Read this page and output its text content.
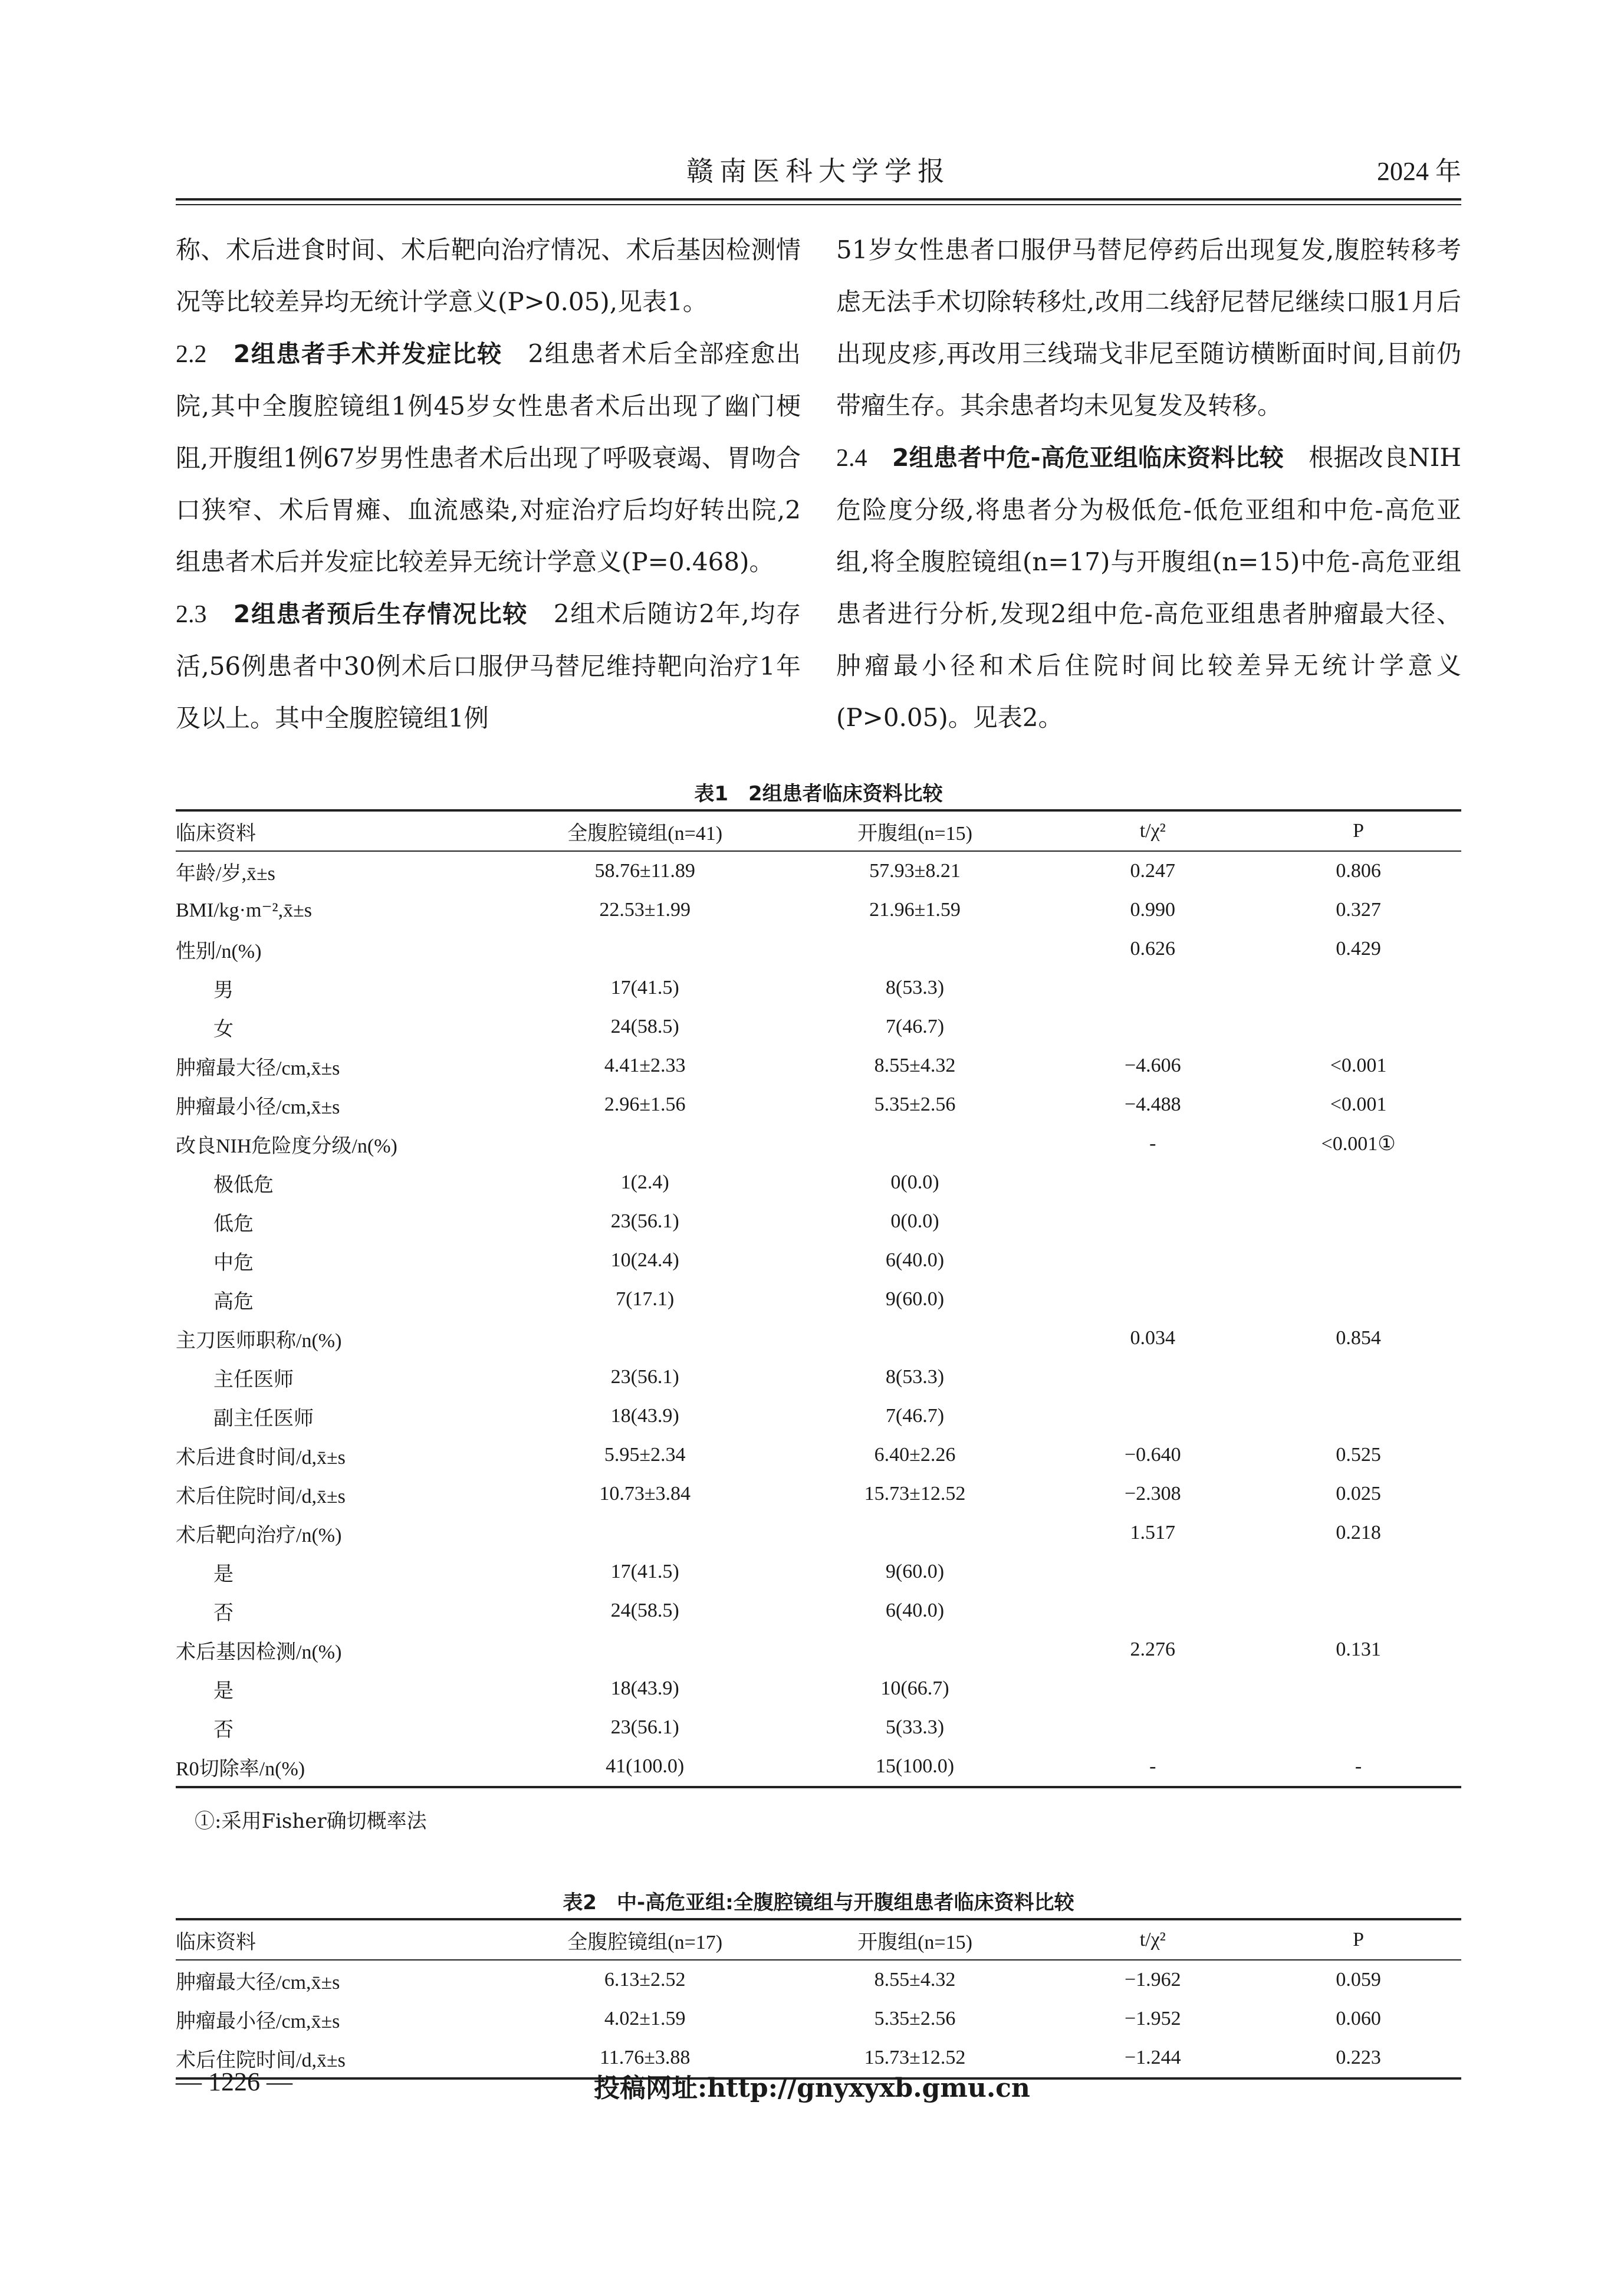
赣南医科大学学报	2024 年

称、术后进食时间、术后靶向治疗情况、术后基因检测情况等比较差异均无统计学意义(P>0.05),见表1。

2.2　 2组患者手术并发症比较　 2组患者术后全部痊愈出院,其中全腹腔镜组1例45岁女性患者术后出现了幽门梗阻,开腹组1例67岁男性患者术后出现了呼吸衰竭、胃吻合口狭窄、术后胃瘫、血流感染,对症治疗后均好转出院,2组患者术后并发症比较差异无统计学意义(P=0.468)。

2.3　 2组患者预后生存情况比较　 2组术后随访2年,均存活,56例患者中30例术后口服伊马替尼维持靶向治疗1年及以上。其中全腹腔镜组1例

51岁女性患者口服伊马替尼停药后出现复发,腹腔转移考虑无法手术切除转移灶,改用二线舒尼替尼继续口服1月后出现皮疹,再改用三线瑞戈非尼至随访横断面时间,目前仍带瘤生存。其余患者均未见复发及转移。

2.4　 2组患者中危-高危亚组临床资料比较　 根据改良NIH危险度分级,将患者分为极低危-低危亚组和中危-高危亚组,将全腹腔镜组(n=17)与开腹组(n=15)中危-高危亚组患者进行分析,发现2组中危-高危亚组患者肿瘤最大径、肿瘤最小径和术后住院时间比较差异无统计学意义(P>0.05)。见表2。

表1　2组患者临床资料比较
临床资料	全腹腔镜组(n=41)	开腹组(n=15)	t/χ²	P
年龄/岁,x̄±s	58.76±11.89	57.93±8.21	0.247	0.806
BMI/kg·m⁻²,x̄±s	22.53±1.99	21.96±1.59	0.990	0.327
性别/n(%)			0.626	0.429
男	17(41.5)	8(53.3)		
女	24(58.5)	7(46.7)		
肿瘤最大径/cm,x̄±s	4.41±2.33	8.55±4.32	−4.606	<0.001
肿瘤最小径/cm,x̄±s	2.96±1.56	5.35±2.56	−4.488	<0.001
改良NIH危险度分级/n(%)			-	<0.001①
极低危	1(2.4)	0(0.0)		
低危	23(56.1)	0(0.0)		
中危	10(24.4)	6(40.0)		
高危	7(17.1)	9(60.0)		
主刀医师职称/n(%)			0.034	0.854
主任医师	23(56.1)	8(53.3)		
副主任医师	18(43.9)	7(46.7)		
术后进食时间/d,x̄±s	5.95±2.34	6.40±2.26	−0.640	0.525
术后住院时间/d,x̄±s	10.73±3.84	15.73±12.52	−2.308	0.025
术后靶向治疗/n(%)			1.517	0.218
是	17(41.5)	9(60.0)		
否	24(58.5)	6(40.0)		
术后基因检测/n(%)			2.276	0.131
是	18(43.9)	10(66.7)		
否	23(56.1)	5(33.3)		
R0切除率/n(%)	41(100.0)	15(100.0)	-	-
①:采用Fisher确切概率法
表2　中-高危亚组:全腹腔镜组与开腹组患者临床资料比较
临床资料	全腹腔镜组(n=17)	开腹组(n=15)	t/χ²	P
肿瘤最大径/cm,x̄±s	6.13±2.52	8.55±4.32	−1.962	0.059
肿瘤最小径/cm,x̄±s	4.02±1.59	5.35±2.56	−1.952	0.060
术后住院时间/d,x̄±s	11.76±3.88	15.73±12.52	−1.244	0.223
— 1226 —	投稿网址:http://gnyxyxb.gmu.cn
